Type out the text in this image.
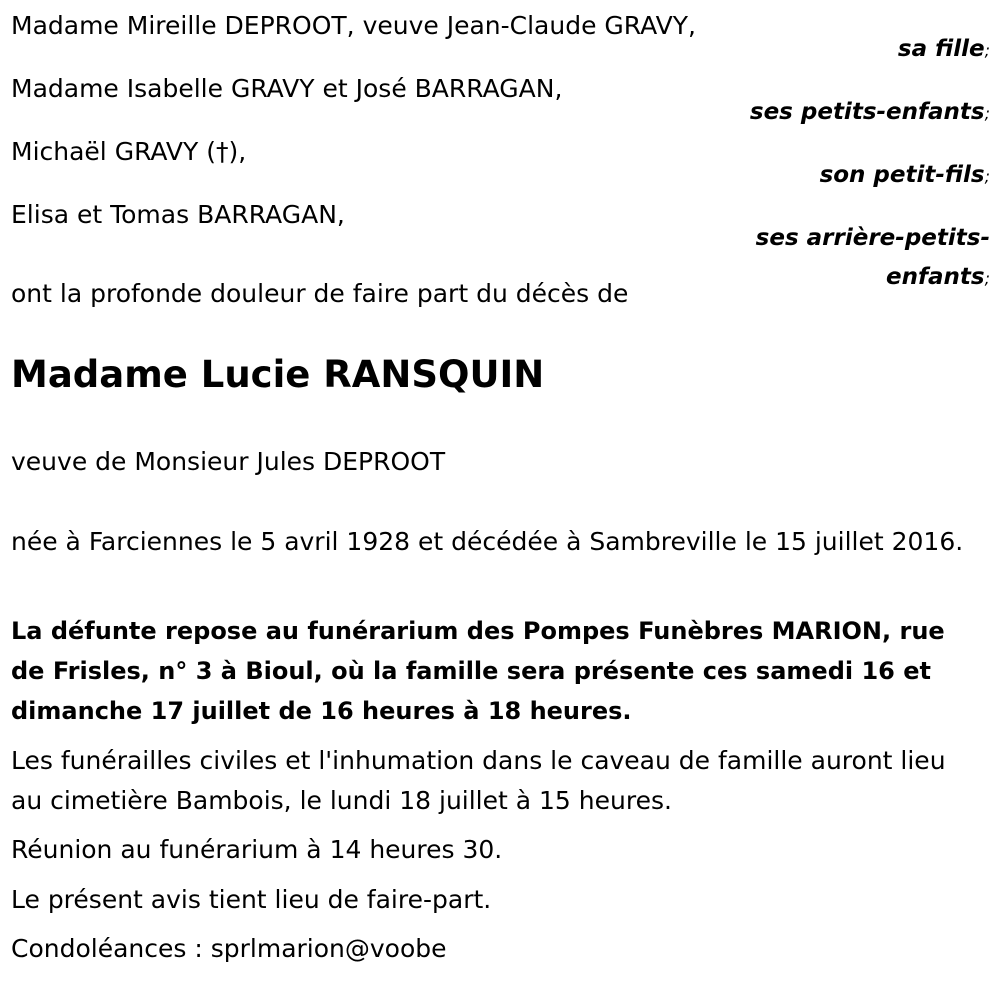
Madame Mireille DEPROOT, veuve Jean-Claude GRAVY,
Madame Isabelle GRAVY et José BARRAGAN,
Michaël GRAVY (†),
Elisa et Tomas BARRAGAN,
sa fille;
ses petits-enfants;
son petit-fils;
ses arrière-petits-
enfants;
ont la profonde douleur de faire part du décès de
Madame Lucie RANSQUIN
veuve de Monsieur Jules DEPROOT
née à Farciennes le 5 avril 1928 et décédée à Sambreville le 15 juillet 2016.
La défunte repose au funérarium des Pompes Funèbres MARION, rue de Frisles, n° 3 à Bioul, où la famille sera présente ces samedi 16 et dimanche 17 juillet de 16 heures à 18 heures.
Les funérailles civiles et l'inhumation dans le caveau de famille auront lieu au cimetière Bambois, le lundi 18 juillet à 15 heures.
Réunion au funérarium à 14 heures 30.
Le présent avis tient lieu de faire-part.
Condoléances : sprlmarion@voobe
